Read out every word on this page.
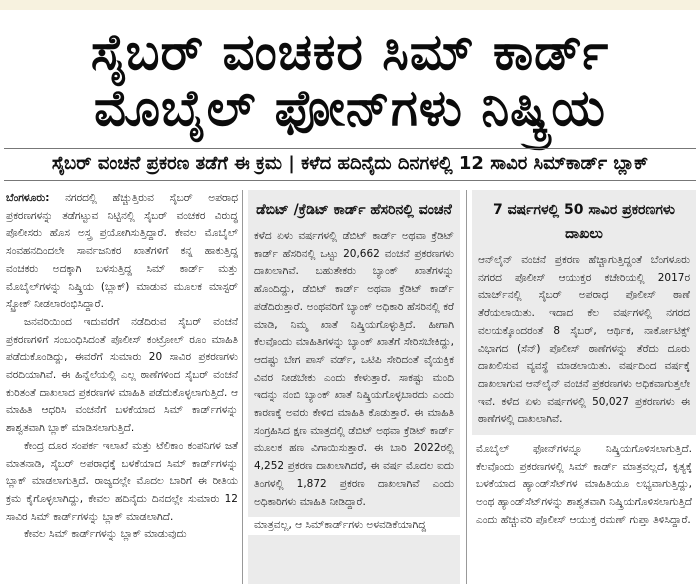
ಸೈಬರ್ ವಂಚಕರ ಸಿಮ್ ಕಾರ್ಡ್
ಮೊಬೈಲ್ ಫೋನ್‌ಗಳು ನಿಷ್ಕ್ರಿಯ
ಸೈಬರ್ ವಂಚನೆ ಪ್ರಕರಣ ತಡೆಗೆ ಈ ಕ್ರಮ | ಕಳೆದ ಹದಿನೈದು ದಿನಗಳಲ್ಲಿ 12 ಸಾವಿರ ಸಿಮ್‌ಕಾರ್ಡ್ ಬ್ಲಾಕ್

ಬೆಂಗಳೂರು: ನಗರದಲ್ಲಿ ಹೆಚ್ಚುತ್ತಿರುವ ಸೈಬರ್ ಅಪರಾಧ ಪ್ರಕರಣಗಳನ್ನು ತಡೆಗಟ್ಟುವ ನಿಟ್ಟಿನಲ್ಲಿ ಸೈಬರ್ ವಂಚಕರ ವಿರುದ್ಧ ಪೊಲೀಸರು ಹೊಸ ಅಸ್ತ್ರ ಪ್ರಯೋಗಿಸುತ್ತಿದ್ದಾರೆ. ಕೇವಲ ಮೊಬೈಲ್ ಸಂವಹನದಿಂದಲೇ ಸಾರ್ವಜನಿಕರ ಖಾತೆಗಳಿಗೆ ಕನ್ನ ಹಾಕುತ್ತಿದ್ದ ವಂಚಕರು ಅದಕ್ಕಾಗಿ ಬಳಸುತ್ತಿದ್ದ ಸಿಮ್ ಕಾರ್ಡ್ ಮತ್ತು ಮೊಬೈಲ್‌ಗಳನ್ನು ನಿಷ್ಕ್ರಿಯ (ಬ್ಲಾಕ್) ಮಾಡುವ ಮೂಲಕ ಮಾಸ್ಟರ್ ಸ್ಟ್ರೋಕ್ ನೀಡಲಾರಂಭಿಸಿದ್ದಾರೆ.

ಜನವರಿಯಿಂದ ಇದುವರೆಗೆ ನಡೆದಿರುವ ಸೈಬರ್ ವಂಚನೆ ಪ್ರಕರಣಗಳಿಗೆ ಸಂಬಂಧಿಸಿದಂತೆ ಪೊಲೀಸ್ ಕಂಟ್ರೋಲ್ ರೂಂ ಮಾಹಿತಿ ಪಡೆದುಕೊಂಡಿದ್ದು, ಈವರೆಗೆ ಸುಮಾರು 20 ಸಾವಿರ ಪ್ರಕರಣಗಳು ವರದಿಯಾಗಿವೆ. ಈ ಹಿನ್ನೆಲೆಯಲ್ಲಿ ಎಲ್ಲ ಠಾಣೆಗಳಿಂದ ಸೈಬರ್ ವಂಚನೆ ಕುರಿತಂತೆ ದಾಖಲಾದ ಪ್ರಕರಣಗಳ ಮಾಹಿತಿ ಪಡೆದುಕೊಳ್ಳಲಾಗುತ್ತಿದೆ. ಆ ಮಾಹಿತಿ ಆಧರಿಸಿ ವಂಚನೆಗೆ ಬಳಕೆಯಾದ ಸಿಮ್ ಕಾರ್ಡ್‌ಗಳನ್ನು ಶಾಶ್ವತವಾಗಿ ಬ್ಲಾಕ್ ಮಾಡಿಸಲಾಗುತ್ತಿದೆ.

ಕೇಂದ್ರ ದೂರ ಸಂಪರ್ಕ ಇಲಾಖೆ ಮತ್ತು ಟೆಲಿಕಾಂ ಕಂಪನಿಗಳ ಜತೆ ಮಾತನಾಡಿ, ಸೈಬರ್ ಅಪರಾಧಕ್ಕೆ ಬಳಕೆಯಾದ ಸಿಮ್ ಕಾರ್ಡ್‌ಗಳನ್ನು ಬ್ಲಾಕ್ ಮಾಡಲಾಗುತ್ತಿದೆ. ರಾಜ್ಯದಲ್ಲೇ ಮೊದಲ ಬಾರಿಗೆ ಈ ರೀತಿಯ ಕ್ರಮ ಕೈಗೊಳ್ಳಲಾಗಿದ್ದು, ಕೇವಲ ಹದಿನೈದು ದಿನದಲ್ಲೇ ಸುಮಾರು 12 ಸಾವಿರ ಸಿಮ್ ಕಾರ್ಡ್‌ಗಳನ್ನು ಬ್ಲಾಕ್ ಮಾಡಲಾಗಿದೆ.

ಕೇವಲ ಸಿಮ್ ಕಾರ್ಡ್‌ಗಳನ್ನು ಬ್ಲಾಕ್ ಮಾಡುವುದು

ಡೆಬಿಟ್ /ಕ್ರೆಡಿಟ್ ಕಾರ್ಡ್ ಹೆಸರಿನಲ್ಲಿ ವಂಚನೆ

ಕಳೆದ ಏಳು ವರ್ಷಗಳಲ್ಲಿ ಡೆಬಿಟ್ ಕಾರ್ಡ್ ಅಥವಾ ಕ್ರೆಡಿಟ್ ಕಾರ್ಡ್ ಹೆಸರಿನಲ್ಲಿ ಒಟ್ಟು 20,662 ವಂಚನೆ ಪ್ರಕರಣಗಳು ದಾಖಲಾಗಿವೆ. ಬಹುತೇಕರು ಬ್ಯಾಂಕ್ ಖಾತೆಗಳನ್ನು ಹೊಂದಿದ್ದು, ಡೆಬಿಟ್ ಕಾರ್ಡ್ ಅಥವಾ ಕ್ರೆಡಿಟ್ ಕಾರ್ಡ್ ಪಡೆದಿರುತ್ತಾರೆ. ಅಂಥವರಿಗೆ ಬ್ಯಾಂಕ್ ಅಧಿಕಾರಿ ಹೆಸರಿನಲ್ಲಿ ಕರೆ ಮಾಡಿ, ನಿಮ್ಮ ಖಾತೆ ನಿಷ್ಕ್ರಿಯಗೊಳ್ಳುತ್ತಿದೆ. ಹೀಗಾಗಿ ಕೆಲವೊಂದು ಮಾಹಿತಿಗಳನ್ನು ಬ್ಯಾಂಕ್ ಖಾತೆಗೆ ಸೇರಿಸಬೇಕಿದ್ದು, ಆದಷ್ಟು ಬೇಗ ಪಾಸ್ ವರ್ಡ್, ಒಟಿಪಿ ಸೇರಿದಂತೆ ವೈಯಕ್ತಿಕ ವಿವರ ನೀಡಬೇಕು ಎಂದು ಕೇಳುತ್ತಾರೆ. ಸಾಕಷ್ಟು ಮಂದಿ ಇದನ್ನು ನಂಬಿ ಬ್ಯಾಂಕ್ ಖಾತೆ ನಿಷ್ಕ್ರಿಯಗೊಳ್ಳಬಾರದು ಎಂದು ಕಾರಣಕ್ಕೆ ಅವರು ಕೇಳಿದ ಮಾಹಿತಿ ಕೊಡುತ್ತಾರೆ. ಈ ಮಾಹಿತಿ ಸಂಗ್ರಹಿಸಿದ ಕ್ಷಣ ಮಾತ್ರದಲ್ಲಿ ಡೆಬಿಟ್ ಅಥವಾ ಕ್ರೆಡಿಟ್ ಕಾರ್ಡ್ ಮೂಲಕ ಹಣ ವಿಗಾಯಿಸುತ್ತಾರೆ. ಈ ಬಾರಿ 2022ರಲ್ಲಿ 4,252 ಪ್ರಕರಣ ದಾಖಲಾಗಿದರೆ, ಈ ವರ್ಷ ಮೊದಲ ಐದು ತಿಂಗಳಲ್ಲಿ 1,872 ಪ್ರಕರಣ ದಾಖಲಾಗಿವೆ ಎಂದು ಅಧಿಕಾರಿಗಳು ಮಾಹಿತಿ ನೀಡಿದ್ದಾರೆ.

ಮಾತ್ರವಲ್ಲ, ಆ ಸಿಮ್‌ಕಾರ್ಡ್‌ಗಳು ಅಳವಡಿಕೆಯಾಗಿದ್ದ

7 ವರ್ಷಗಳಲ್ಲಿ 50 ಸಾವಿರ ಪ್ರಕರಣಗಳು ದಾಖಲು

ಆನ್‌ಲೈನ್ ವಂಚನೆ ಪ್ರಕರಣ ಹೆಚ್ಚಾಗುತ್ತಿದ್ದಂತೆ ಬೆಂಗಳೂರು ನಗರದ ಪೊಲೀಸ್ ಆಯುಕ್ತರ ಕಚೇರಿಯಲ್ಲಿ 2017ರ ಮಾರ್ಚ್‌ನಲ್ಲಿ ಸೈಬರ್ ಅಪರಾಧ ಪೊಲೀಸ್ ಠಾಣೆ ತೆರೆಯಲಾಯಿತು. ಇದಾದ ಕೆಲ ವರ್ಷಗಳಲ್ಲಿ ನಗರದ ವಲಯಕ್ಕೊಂದರಂತೆ 8 ಸೈಬರ್, ಆರ್ಥಿಕ, ನಾರ್ಕೋಟಿಕ್ಸ್ ವಿಭಾಗದ (ಸೆನ್) ಪೊಲೀಸ್ ಠಾಣೆಗಳನ್ನು ತೆರೆದು ದೂರು ದಾಖಲಿಸುವ ವ್ಯವಸ್ಥೆ ಮಾಡಲಾಯಿತು. ವರ್ಷದಿಂದ ವರ್ಷಕ್ಕೆ ದಾಖಲಾಗುವ ಆನ್‌ಲೈನ್ ವಂಚನೆ ಪ್ರಕರಣಗಳು ಅಧಿಕವಾಗುತ್ತಲೇ ಇವೆ. ಕಳೆದ ಏಳು ವರ್ಷಗಳಲ್ಲಿ 50,027 ಪ್ರಕರಣಗಳು ಈ ಠಾಣೆಗಳಲ್ಲಿ ದಾಖಲಾಗಿವೆ.

ಮೊಬೈಲ್ ಫೋನ್‌ಗಳನ್ನೂ ನಿಷ್ಕ್ರಿಯಗೊಳಿಸಲಾಗುತ್ತಿದೆ. ಕೆಲವೊಂದು ಪ್ರಕರಣಗಳಲ್ಲಿ ಸಿಮ್ ಕಾರ್ಡ್ ಮಾತ್ರವಲ್ಲದೆ, ಕೃತ್ಯಕ್ಕೆ ಬಳಕೆಯಾದ ಹ್ಯಾಂಡ್‌ಸೆಟ್‌ಗಳ ಮಾಹಿತಿಯೂ ಲಭ್ಯವಾಗುತ್ತಿದ್ದು, ಅಂಥ ಹ್ಯಾಂಡ್‌ಸೆಟ್‌ಗಳನ್ನು ಶಾಶ್ವತವಾಗಿ ನಿಷ್ಕ್ರಿಯಗೊಳಿಸಲಾಗುತ್ತಿದೆ ಎಂದು ಹೆಚ್ಚುವರಿ ಪೊಲೀಸ್ ಆಯುಕ್ತ ರಮಣ್ ಗುಪ್ತಾ ತಿಳಿಸಿದ್ದಾರೆ.
